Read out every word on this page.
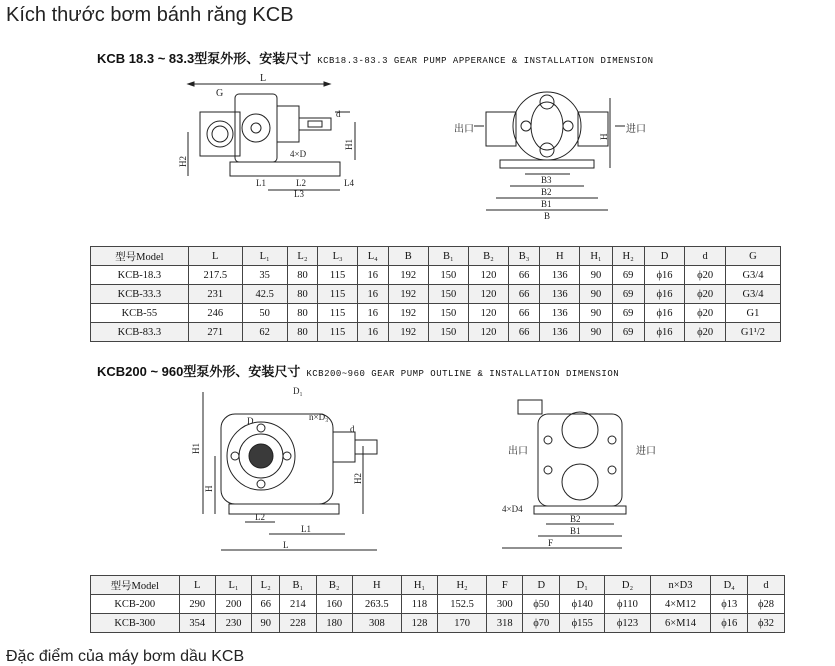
Kích thước bơm bánh răng KCB
KCB 18.3 ~ 83.3型泵外形、安装尺寸 KCB18.3-83.3 GEAR PUMP APPERANCE & INSTALLATION DIMENSION
L
G
d
H2
H1
4×D
L1	L2
L3
L4
出口	进口
H
B3
B2
B1
B
型号Model	L	L₁	L₂	L₃	L₄	B	B₁	B₂	B₃	H	H₁	H₂	D	d	G
KCB-18.3	217.5	35	80	115	16	192	150	120	66	136	90	69	ϕ16	ϕ20	G3/4
KCB-33.3	231	42.5	80	115	16	192	150	120	66	136	90	69	ϕ16	ϕ20	G3/4
KCB-55	246	50	80	115	16	192	150	120	66	136	90	69	ϕ16	ϕ20	G1
KCB-83.3	271	62	80	115	16	192	150	120	66	136	90	69	ϕ16	ϕ20	G1¹/2
KCB200 ~ 960型泵外形、安装尺寸 KCB200~960 GEAR PUMP OUTLINE & INSTALLATION DIMENSION
D₁
D	n×D₃
d
H1
H
H2
L2
L1
L
出口	进口
4×D4
B2
B1
F
型号Model	L	L₁	L₂	B₁	B₂	H	H₁	H₂	F	D	D₁	D₂	n×D3	D₄	d
KCB-200	290	200	66	214	160	263.5	118	152.5	300	ϕ50	ϕ140	ϕ110	4×M12	ϕ13	ϕ28
KCB-300	354	230	90	228	180	308	128	170	318	ϕ70	ϕ155	ϕ123	6×M14	ϕ16	ϕ32
Đặc điểm của máy bơm dầu KCB
